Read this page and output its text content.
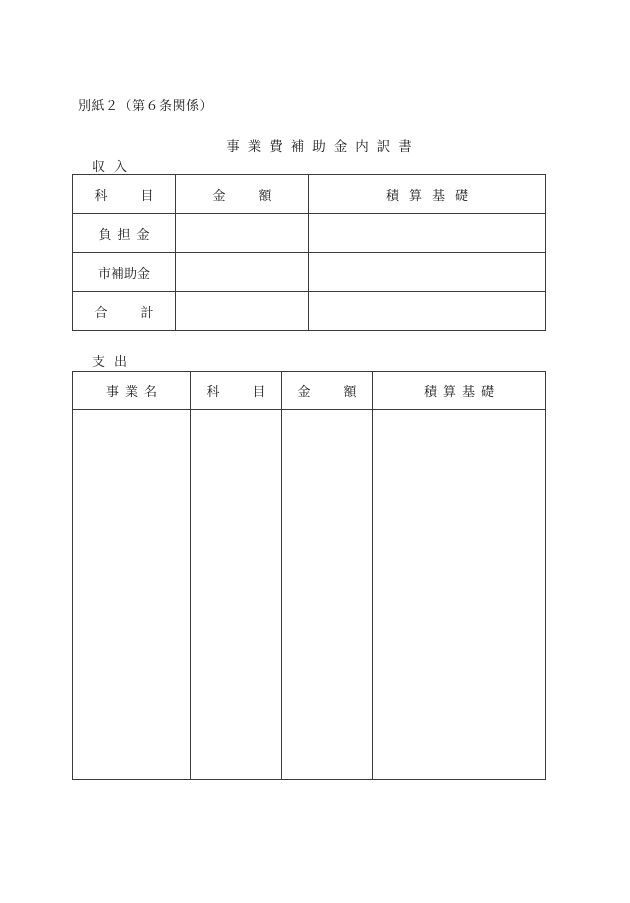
別紙２（第６条関係）
事業費補助金内訳書
収入
科　目	金　額	積算基礎
負担金		
市補助金		
合　計		
支出
事業名	科　目	金　額	積算基礎
